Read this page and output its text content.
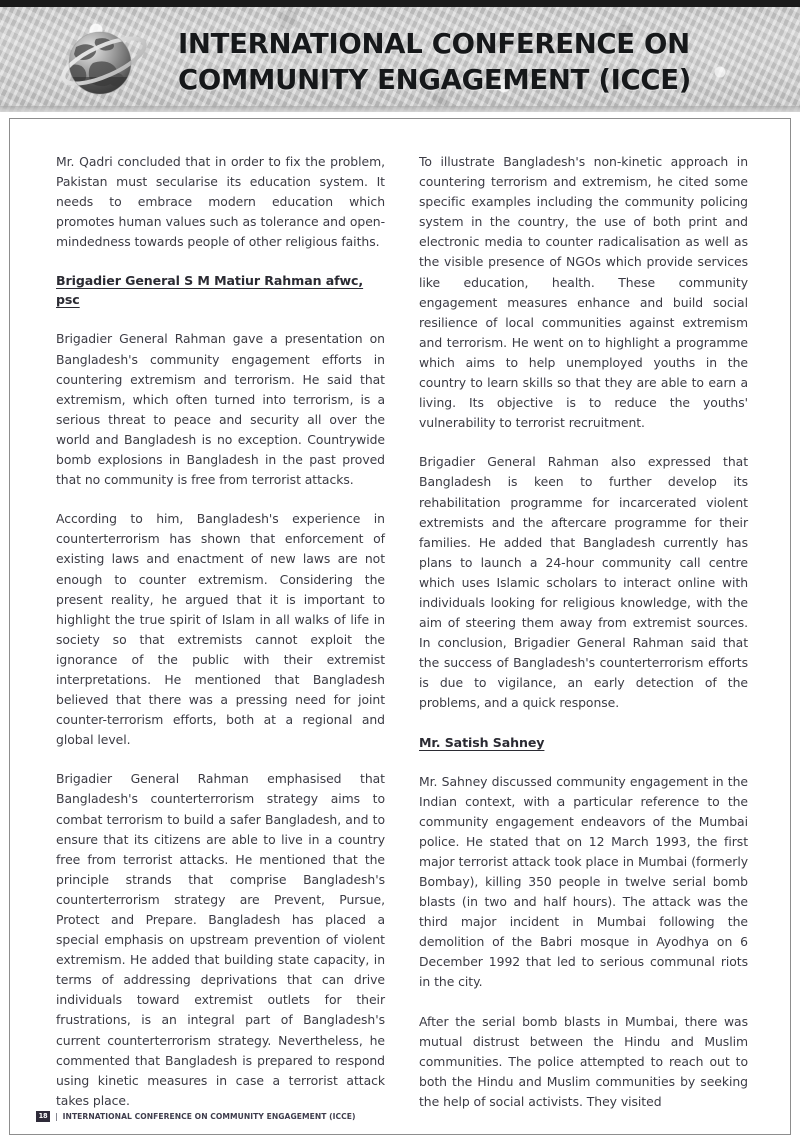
INTERNATIONAL CONFERENCE ON
COMMUNITY ENGAGEMENT (ICCE)

Mr. Qadri concluded that in order to fix the problem, Pakistan must secularise its education system. It needs to embrace modern education which promotes human values such as tolerance and open-mindedness towards people of other religious faiths.

Brigadier General S M Matiur Rahman afwc, psc

Brigadier General Rahman gave a presentation on Bangladesh's community engagement efforts in countering extremism and terrorism. He said that extremism, which often turned into terrorism, is a serious threat to peace and security all over the world and Bangladesh is no exception. Countrywide bomb explosions in Bangladesh in the past proved that no community is free from terrorist attacks.

According to him, Bangladesh's experience in counterterrorism has shown that enforcement of existing laws and enactment of new laws are not enough to counter extremism. Considering the present reality, he argued that it is important to highlight the true spirit of Islam in all walks of life in society so that extremists cannot exploit the ignorance of the public with their extremist interpretations. He mentioned that Bangladesh believed that there was a pressing need for joint counter-terrorism efforts, both at a regional and global level.

Brigadier General Rahman emphasised that Bangladesh's counterterrorism strategy aims to combat terrorism to build a safer Bangladesh, and to ensure that its citizens are able to live in a country free from terrorist attacks. He mentioned that the principle strands that comprise Bangladesh's counterterrorism strategy are Prevent, Pursue, Protect and Prepare. Bangladesh has placed a special emphasis on upstream prevention of violent extremism. He added that building state capacity, in terms of addressing deprivations that can drive individuals toward extremist outlets for their frustrations, is an integral part of Bangladesh's current counterterrorism strategy. Nevertheless, he commented that Bangladesh is prepared to respond using kinetic measures in case a terrorist attack takes place.

To illustrate Bangladesh's non-kinetic approach in countering terrorism and extremism, he cited some specific examples including the community policing system in the country, the use of both print and electronic media to counter radicalisation as well as the visible presence of NGOs which provide services like education, health. These community engagement measures enhance and build social resilience of local communities against extremism and terrorism. He went on to highlight a programme which aims to help unemployed youths in the country to learn skills so that they are able to earn a living. Its objective is to reduce the youths' vulnerability to terrorist recruitment.

Brigadier General Rahman also expressed that Bangladesh is keen to further develop its rehabilitation programme for incarcerated violent extremists and the aftercare programme for their families. He added that Bangladesh currently has plans to launch a 24-hour community call centre which uses Islamic scholars to interact online with individuals looking for religious knowledge, with the aim of steering them away from extremist sources. In conclusion, Brigadier General Rahman said that the success of Bangladesh's counterterrorism efforts is due to vigilance, an early detection of the problems, and a quick response.

Mr. Satish Sahney

Mr. Sahney discussed community engagement in the Indian context, with a particular reference to the community engagement endeavors of the Mumbai police. He stated that on 12 March 1993, the first major terrorist attack took place in Mumbai (formerly Bombay), killing 350 people in twelve serial bomb blasts (in two and half hours). The attack was the third major incident in Mumbai following the demolition of the Babri mosque in Ayodhya on 6 December 1992 that led to serious communal riots in the city.

After the serial bomb blasts in Mumbai, there was mutual distrust between the Hindu and Muslim communities. The police attempted to reach out to both the Hindu and Muslim communities by seeking the help of social activists. They visited

18 | INTERNATIONAL CONFERENCE ON COMMUNITY ENGAGEMENT (ICCE)
